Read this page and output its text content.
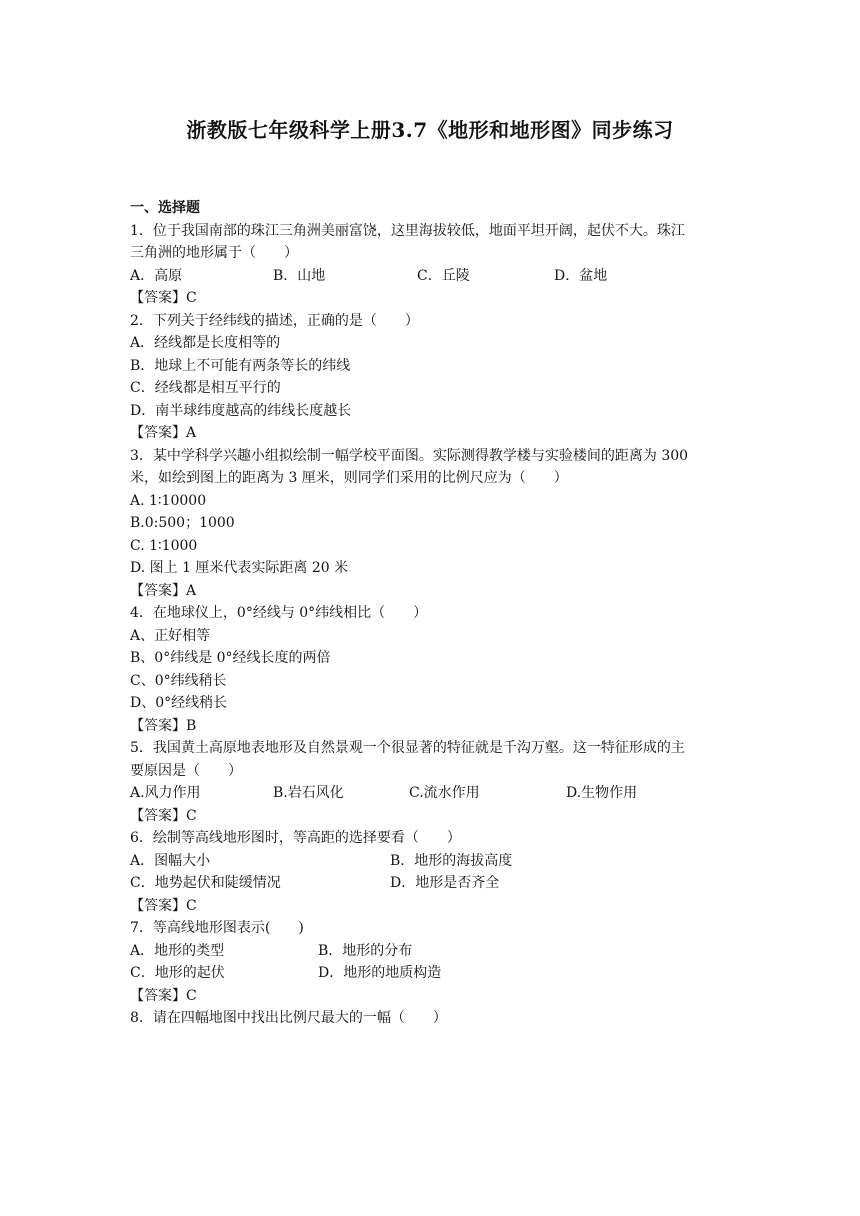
浙教版七年级科学上册3.7《地形和地形图》同步练习
一、选择题
1．位于我国南部的珠江三角洲美丽富饶，这里海拔较低，地面平坦开阔，起伏不大。珠江
三角洲的地形属于（　　）
A．高原	B．山地	C．丘陵	D．盆地
【答案】C
2．下列关于经纬线的描述，正确的是（　　）
A．经线都是长度相等的
B．地球上不可能有两条等长的纬线
C．经线都是相互平行的
D．南半球纬度越高的纬线长度越长
【答案】A
3．某中学科学兴趣小组拟绘制一幅学校平面图。实际测得教学楼与实验楼间的距离为 300
米，如绘到图上的距离为 3 厘米，则同学们采用的比例尺应为（　　）
A. 1∶10000
B.0:500；1000
C. 1∶1000
D. 图上 1 厘米代表实际距离 20 米
【答案】A
4．在地球仪上，0°经线与 0°纬线相比（　　）
A、正好相等
B、0°纬线是 0°经线长度的两倍
C、0°纬线稍长
D、0°经线稍长
【答案】B
5．我国黄土高原地表地形及自然景观一个很显著的特征就是千沟万壑。这一特征形成的主
要原因是（　　）
A.风力作用	B.岩石风化	C.流水作用	D.生物作用
【答案】C
6．绘制等高线地形图时，等高距的选择要看（　　）
A．图幅大小	B．地形的海拔高度
C．地势起伏和陡缓情况	D．地形是否齐全
【答案】C
7．等高线地形图表示(　　)
A．地形的类型	B．地形的分布
C．地形的起伏	D．地形的地质构造
【答案】C
8．请在四幅地图中找出比例尺最大的一幅（　　）
